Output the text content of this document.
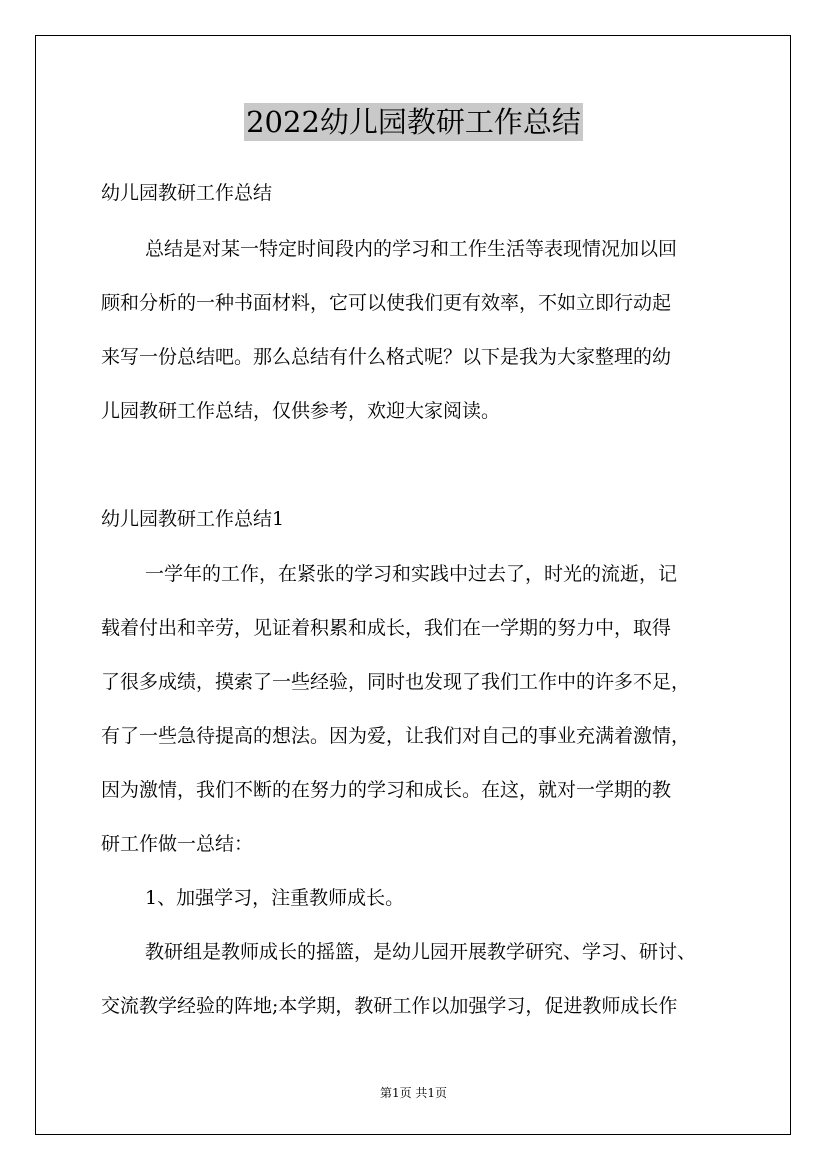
2022幼儿园教研工作总结
幼儿园教研工作总结
总结是对某一特定时间段内的学习和工作生活等表现情况加以回
顾和分析的一种书面材料，它可以使我们更有效率，不如立即行动起
来写一份总结吧。那么总结有什么格式呢？以下是我为大家整理的幼
儿园教研工作总结，仅供参考，欢迎大家阅读。
幼儿园教研工作总结1
一学年的工作，在紧张的学习和实践中过去了，时光的流逝，记
载着付出和辛劳，见证着积累和成长，我们在一学期的努力中，取得
了很多成绩，摸索了一些经验，同时也发现了我们工作中的许多不足，
有了一些急待提高的想法。因为爱，让我们对自己的事业充满着激情，
因为激情，我们不断的在努力的学习和成长。在这，就对一学期的教
研工作做一总结：
1、加强学习，注重教师成长。
教研组是教师成长的摇篮，是幼儿园开展教学研究、学习、研讨、
交流教学经验的阵地;本学期，教研工作以加强学习，促进教师成长作
第1页 共1页
